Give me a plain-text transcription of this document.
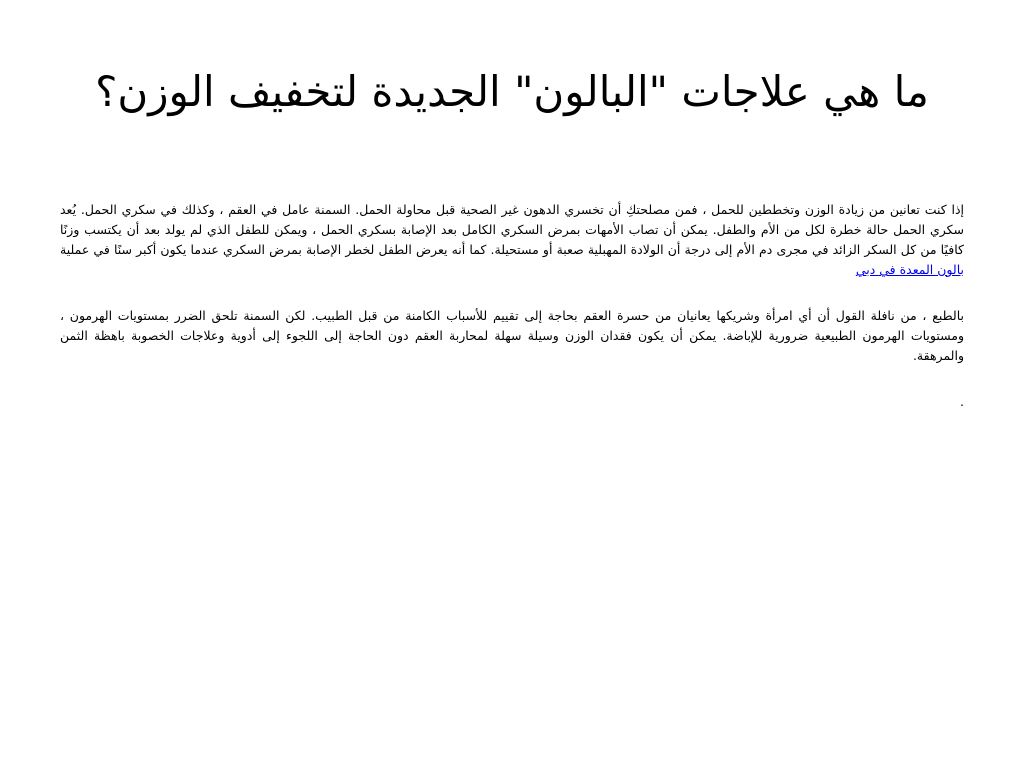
ما هي علاجات "البالون" الجديدة لتخفيف الوزن؟

إذا كنت تعانين من زيادة الوزن وتخططين للحمل ، فمن مصلحتكِ أن تخسري الدهون غير الصحية قبل محاولة الحمل. السمنة عامل في العقم ، وكذلك في سكري الحمل. يُعد سكري الحمل حالة خطرة لكل من الأم والطفل. يمكن أن تصاب الأمهات بمرض السكري الكامل بعد الإصابة بسكري الحمل ، ويمكن للطفل الذي لم يولد بعد أن يكتسب وزنًا كافيًا من كل السكر الزائد في مجرى دم الأم إلى درجة أن الولادة المهبلية صعبة أو مستحيلة. كما أنه يعرض الطفل لخطر الإصابة بمرض السكري عندما يكون أكبر سنًا في عملية بالون المعدة في دبي

بالطبع ، من نافلة القول أن أي امرأة وشريكها يعانيان من حسرة العقم بحاجة إلى تقييم للأسباب الكامنة من قبل الطبيب. لكن السمنة تلحق الضرر بمستويات الهرمون ، ومستويات الهرمون الطبيعية ضرورية للإباضة. يمكن أن يكون فقدان الوزن وسيلة سهلة لمحاربة العقم دون الحاجة إلى اللجوء إلى أدوية وعلاجات الخصوبة باهظة الثمن والمرهقة.

.
